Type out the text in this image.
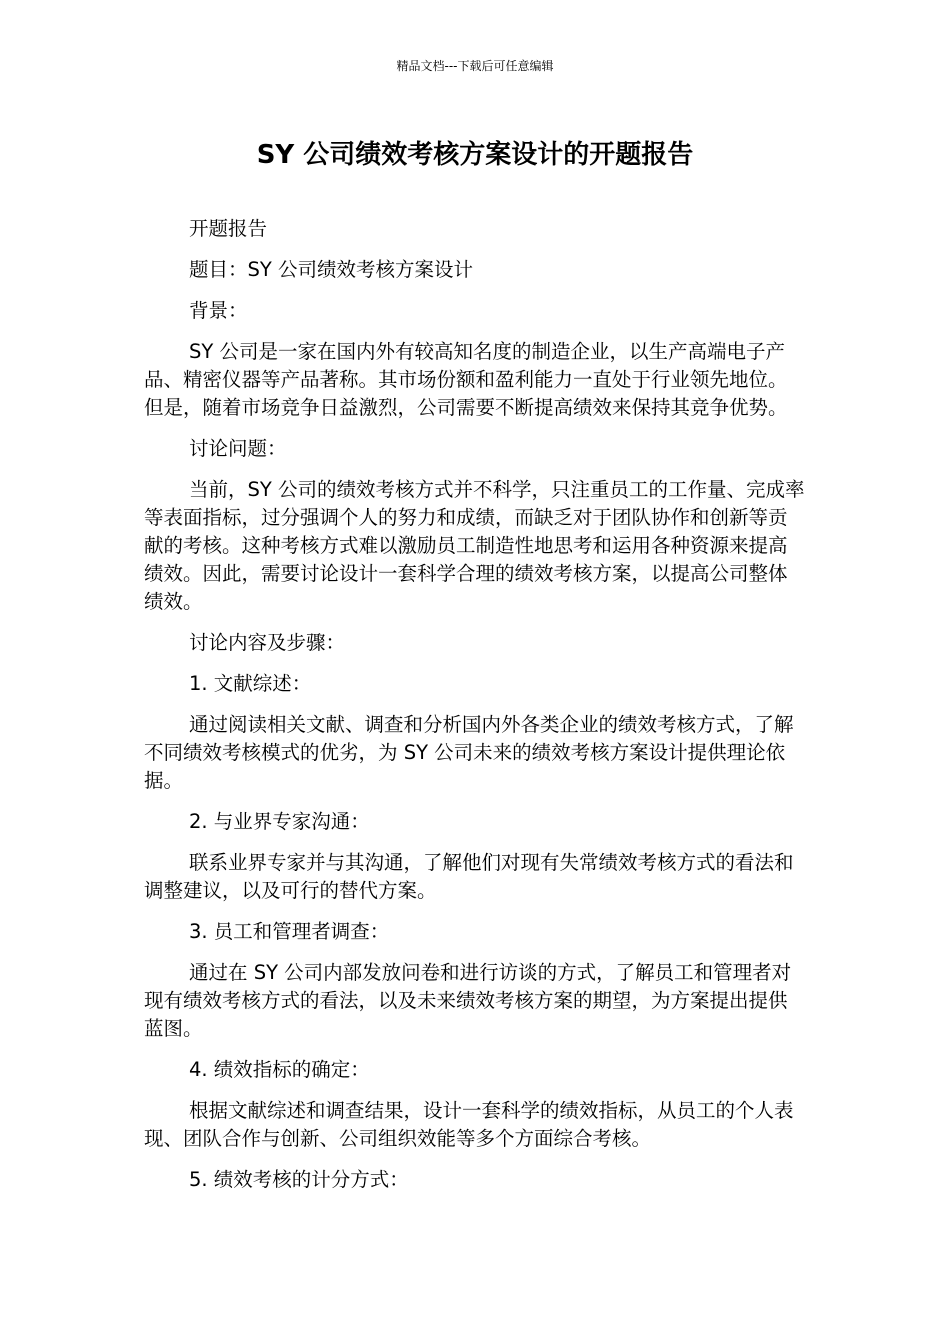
精品文档---下载后可任意编辑
SY 公司绩效考核方案设计的开题报告

开题报告

题目：SY 公司绩效考核方案设计

背景：

SY 公司是一家在国内外有较高知名度的制造企业，以生产高端电子产品、精密仪器等产品著称。其市场份额和盈利能力一直处于行业领先地位。但是，随着市场竞争日益激烈，公司需要不断提高绩效来保持其竞争优势。

讨论问题：

当前，SY 公司的绩效考核方式并不科学，只注重员工的工作量、完成率等表面指标，过分强调个人的努力和成绩，而缺乏对于团队协作和创新等贡献的考核。这种考核方式难以激励员工制造性地思考和运用各种资源来提高绩效。因此，需要讨论设计一套科学合理的绩效考核方案，以提高公司整体绩效。

讨论内容及步骤：

1. 文献综述：

通过阅读相关文献、调查和分析国内外各类企业的绩效考核方式，了解不同绩效考核模式的优劣，为 SY 公司未来的绩效考核方案设计提供理论依据。

2. 与业界专家沟通：

联系业界专家并与其沟通，了解他们对现有失常绩效考核方式的看法和调整建议，以及可行的替代方案。

3. 员工和管理者调查：

通过在 SY 公司内部发放问卷和进行访谈的方式，了解员工和管理者对现有绩效考核方式的看法，以及未来绩效考核方案的期望，为方案提出提供蓝图。

4. 绩效指标的确定：

根据文献综述和调查结果，设计一套科学的绩效指标，从员工的个人表现、团队合作与创新、公司组织效能等多个方面综合考核。

5. 绩效考核的计分方式：
